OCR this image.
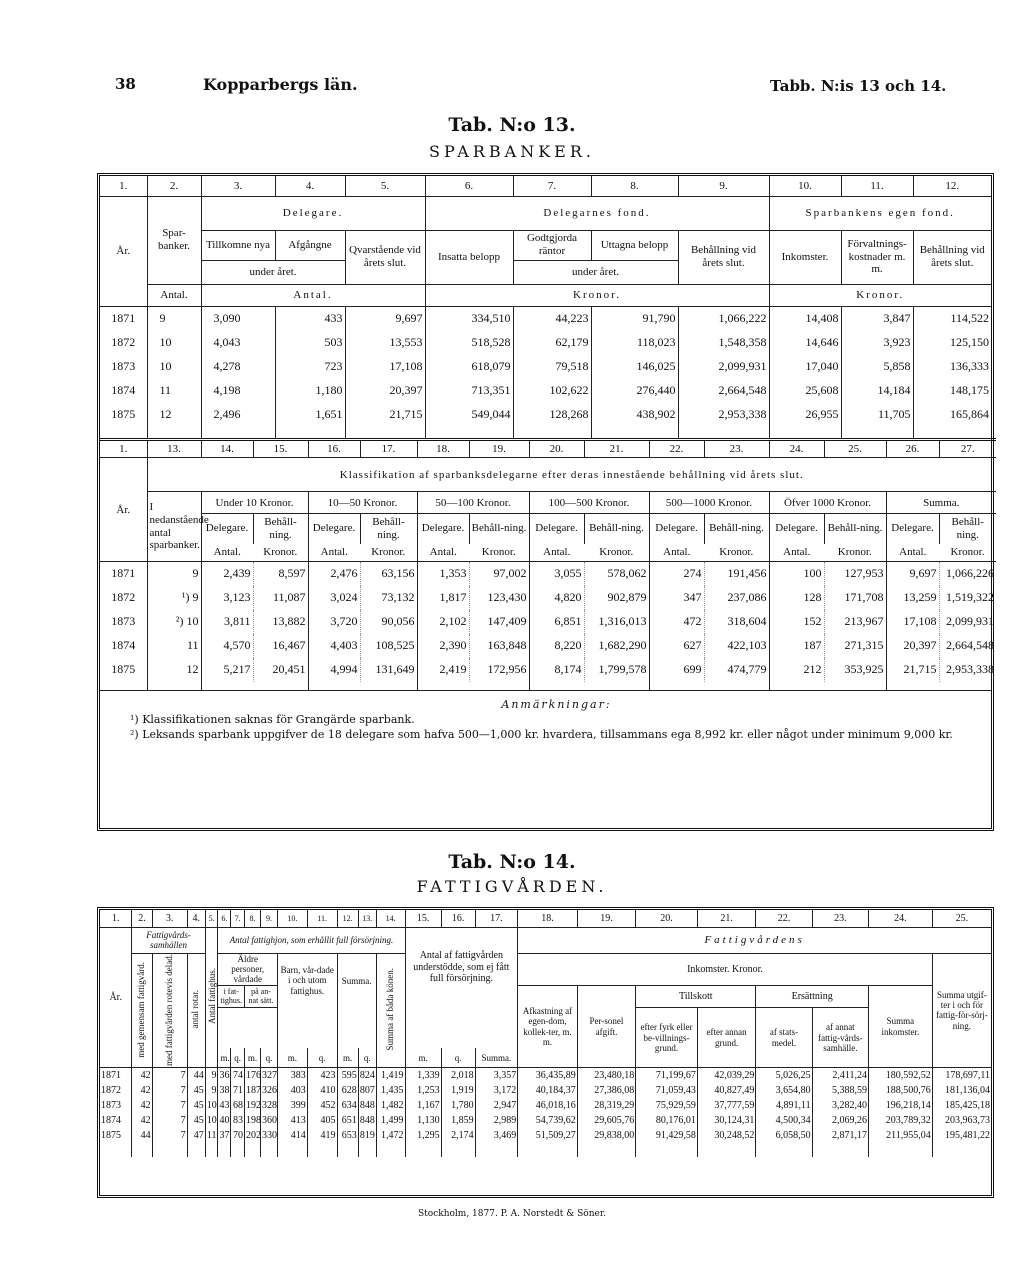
38	Kopparbergs län.	Tabb. N:is 13 och 14.
Tab. N:o 13.
SPARBANKER.
1.	2.	3.	4.	5.	6.	7.	8.	9.	10.	11.	12.
År.	Spar-banker.	Delegare.			Delegarnes fond.				Sparbankens egen fond.		
		Tillkomne nya	Afgångne	Qvarstående vid årets slut.	Insatta belopp	Godtgjorda räntor	Uttagna belopp	Behållning vid årets slut.	Inkomster.	Förvaltnings-kostnader m. m.	Behållning vid årets slut.
		under året.				under året.					
	Antal.	Antal.			Kronor.				Kronor.		
1871	9	3,090	433	9,697	334,510	44,223	91,790	1,066,222	14,408	3,847	114,522
1872	10	4,043	503	13,553	518,528	62,179	118,023	1,548,358	14,646	3,923	125,150
1873	10	4,278	723	17,108	618,079	79,518	146,025	2,099,931	17,040	5,858	136,333
1874	11	4,198	1,180	20,397	713,351	102,622	276,440	2,664,548	25,608	14,184	148,175
1875	12	2,496	1,651	21,715	549,044	128,268	438,902	2,953,338	26,955	11,705	165,864

1.	13.	14.	15.	16.	17.	18.	19.	20.	21.	22.	23.	24.	25.	26.	27.
År.	Klassifikation af sparbanksdelegarne efter deras innestående behållning vid årets slut.														
	I nedanstående antal sparbanker.	Under 10 Kronor.		10—50 Kronor.		50—100 Kronor.		100—500 Kronor.		500—1000 Kronor.		Öfver 1000 Kronor.		Summa.	
		Delegare.	Behåll-ning.	Delegare.	Behåll-ning.	Delegare.	Behåll-ning.	Delegare.	Behåll-ning.	Delegare.	Behåll-ning.	Delegare.	Behåll-ning.	Delegare.	Behåll-ning.
		Antal.	Kronor.	Antal.	Kronor.	Antal.	Kronor.	Antal.	Kronor.	Antal.	Kronor.	Antal.	Kronor.	Antal.	Kronor.
1871	9	2,439	8,597	2,476	63,156	1,353	97,002	3,055	578,062	274	191,456	100	127,953	9,697	1,066,226
1872	¹) 9	3,123	11,087	3,024	73,132	1,817	123,430	4,820	902,879	347	237,086	128	171,708	13,259	1,519,322
1873	²) 10	3,811	13,882	3,720	90,056	2,102	147,409	6,851	1,316,013	472	318,604	152	213,967	17,108	2,099,931
1874	11	4,570	16,467	4,403	108,525	2,390	163,848	8,220	1,682,290	627	422,103	187	271,315	20,397	2,664,548
1875	12	5,217	20,451	4,994	131,649	2,419	172,956	8,174	1,799,578	699	474,779	212	353,925	21,715	2,953,338

Anmärkningar:
¹) Klassifikationen saknas för Grangärde sparbank.
²) Leksands sparbank uppgifver de 18 delegare som hafva 500—1,000 kr. hvardera, tillsammans ega 8,992 kr. eller något under minimum 9,000 kr.
Tab. N:o 14.
FATTIGVÅRDEN.
1.	2.	3.	4.	5.	6.	7.	8.	9.	10.	11.	12.	13.	14.	15.	16.	17.	18.	19.	20.	21.	22.	23.	24.	25.
År.	Fattigvårds-samhällen			Antal fattighus.	Antal fattighjon, som erhållit full försörjning.									Antal af fattigvården understödde, som ej fått full försörjning.			Fattigvårdens							
	med gemensam fattigvård.	med fattigvården rotevis delad.	antal rotar.		Äldre personer, vårdade				Barn, vår-dade i och utom fattighus.		Summa.		Summa af båda könen.				Inkomster. Kronor.							Summa utgif-ter i och för fattig-för-sörj-ning.
					i fat-tighus.		på an-nat sätt.										Afkastning af egen-dom, kollek-ter, m. m.	Per-sonel afgift.	Tillskott		Ersättning		Summa inkomster.	
																			efter fyrk eller be-villnings-grund.	efter annan grund.	af stats-medel.	af annat fattig-vårds-samhälle.		
					m.	q.	m.	q.	m.	q.	m.	q.		m.	q.	Summa.								
1871	42	7	44	9	36	74	176	327	383	423	595	824	1,419	1,339	2,018	3,357	36,435,89	23,480,18	71,199,67	42,039,29	5,026,25	2,411,24	180,592,52	178,697,11
1872	42	7	45	9	38	71	187	326	403	410	628	807	1,435	1,253	1,919	3,172	40,184,37	27,386,08	71,059,43	40,827,49	3,654,80	5,388,59	188,500,76	181,136,04
1873	42	7	45	10	43	68	192	328	399	452	634	848	1,482	1,167	1,780	2,947	46,018,16	28,319,29	75,929,59	37,777,59	4,891,11	3,282,40	196,218,14	185,425,18
1874	42	7	45	10	40	83	198	360	413	405	651	848	1,499	1,130	1,859	2,989	54,739,62	29,605,76	80,176,01	30,124,31	4,500,34	2,069,26	203,789,32	203,963,73
1875	44	7	47	11	37	70	202	330	414	419	653	819	1,472	1,295	2,174	3,469	51,509,27	29,838,00	91,429,58	30,248,52	6,058,50	2,871,17	211,955,04	195,481,22

Stockholm, 1877. P. A. Norstedt & Söner.
